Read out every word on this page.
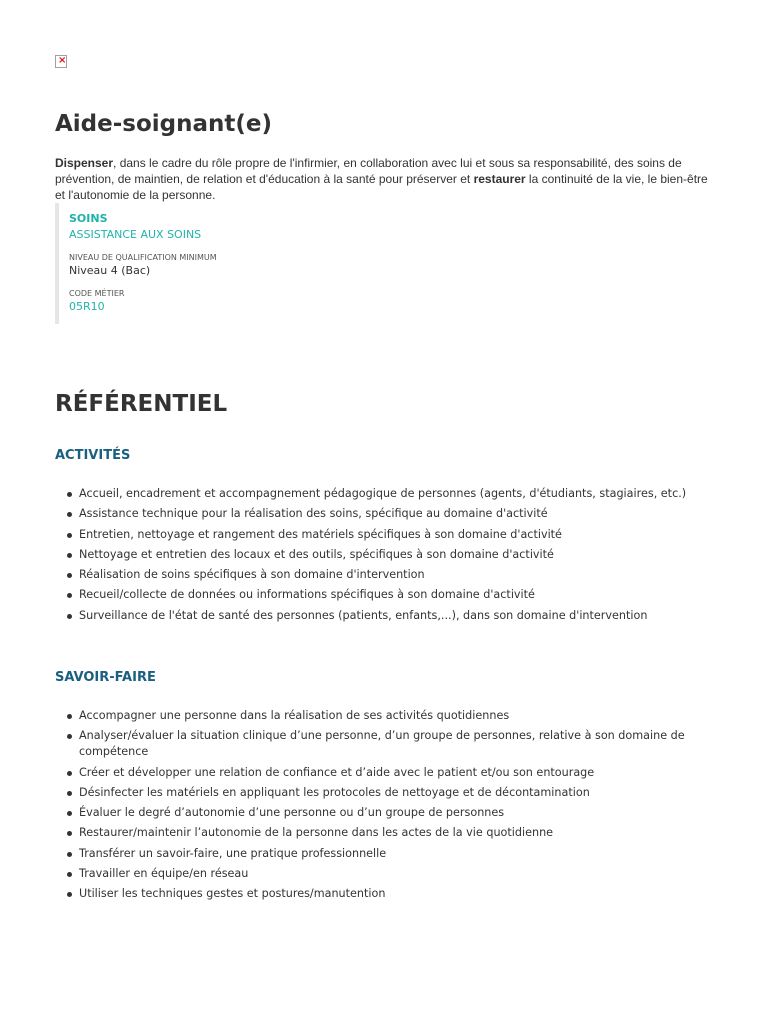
×
Aide-soignant(e)

Dispenser, dans le cadre du rôle propre de l'infirmier, en collaboration avec lui et sous sa responsabilité, des soins de prévention, de maintien, de relation et d'éducation à la santé pour préserver et restaurer la continuité de la vie, le bien-être et l'autonomie de la personne.

SOINS
ASSISTANCE AUX SOINS
NIVEAU DE QUALIFICATION MINIMUM
Niveau 4 (Bac)
CODE MÉTIER
05R10
RÉFÉRENTIEL
ACTIVITÉS
Accueil, encadrement et accompagnement pédagogique de personnes (agents, d'étudiants, stagiaires, etc.)
Assistance technique pour la réalisation des soins, spécifique au domaine d'activité
Entretien, nettoyage et rangement des matériels spécifiques à son domaine d'activité
Nettoyage et entretien des locaux et des outils, spécifiques à son domaine d'activité
Réalisation de soins spécifiques à son domaine d'intervention
Recueil/collecte de données ou informations spécifiques à son domaine d'activité
Surveillance de l'état de santé des personnes (patients, enfants,...), dans son domaine d'intervention
SAVOIR-FAIRE
Accompagner une personne dans la réalisation de ses activités quotidiennes
Analyser/évaluer la situation clinique d’une personne, d’un groupe de personnes, relative à son domaine de compétence
Créer et développer une relation de confiance et d’aide avec le patient et/ou son entourage
Désinfecter les matériels en appliquant les protocoles de nettoyage et de décontamination
Évaluer le degré d’autonomie d’une personne ou d’un groupe de personnes
Restaurer/maintenir l’autonomie de la personne dans les actes de la vie quotidienne
Transférer un savoir-faire, une pratique professionnelle
Travailler en équipe/en réseau
Utiliser les techniques gestes et postures/manutention
